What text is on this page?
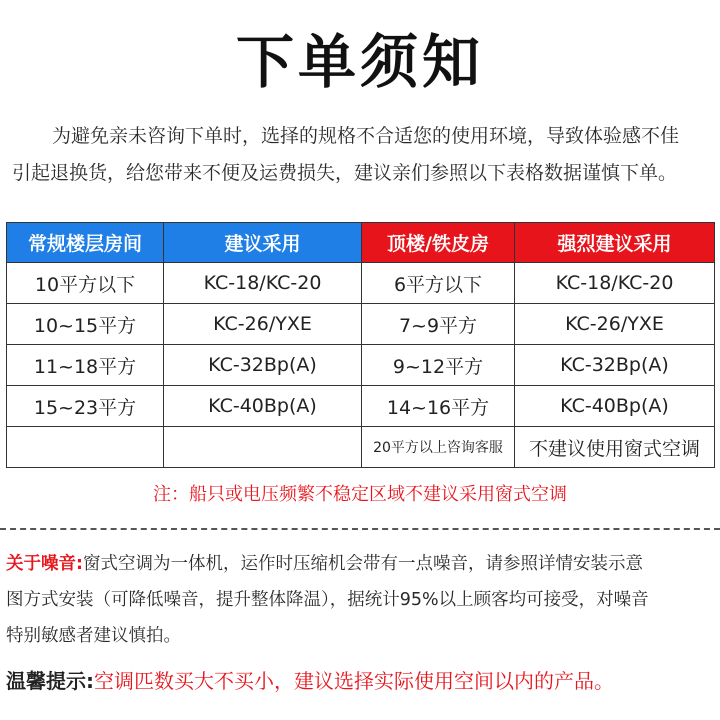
下单须知
为避免亲未咨询下单时，选择的规格不合适您的使用环境，导致体验感不佳
引起退换货，给您带来不便及运费损失，建议亲们参照以下表格数据谨慎下单。
常规楼层房间	建议采用	顶楼/铁皮房	强烈建议采用
10平方以下	KC-18/KC-20	6平方以下	KC-18/KC-20
10~15平方	KC-26/YXE	7~9平方	KC-26/YXE
11~18平方	KC-32Bp(A)	9~12平方	KC-32Bp(A)
15~23平方	KC-40Bp(A)	14~16平方	KC-40Bp(A)
		20平方以上咨询客服	不建议使用窗式空调
注：船只或电压频繁不稳定区域不建议采用窗式空调
关于噪音:窗式空调为一体机，运作时压缩机会带有一点噪音，请参照详情安装示意
图方式安装（可降低噪音，提升整体降温），据统计95%以上顾客均可接受，对噪音
特别敏感者建议慎拍。
温馨提示:空调匹数买大不买小，建议选择实际使用空间以内的产品。
